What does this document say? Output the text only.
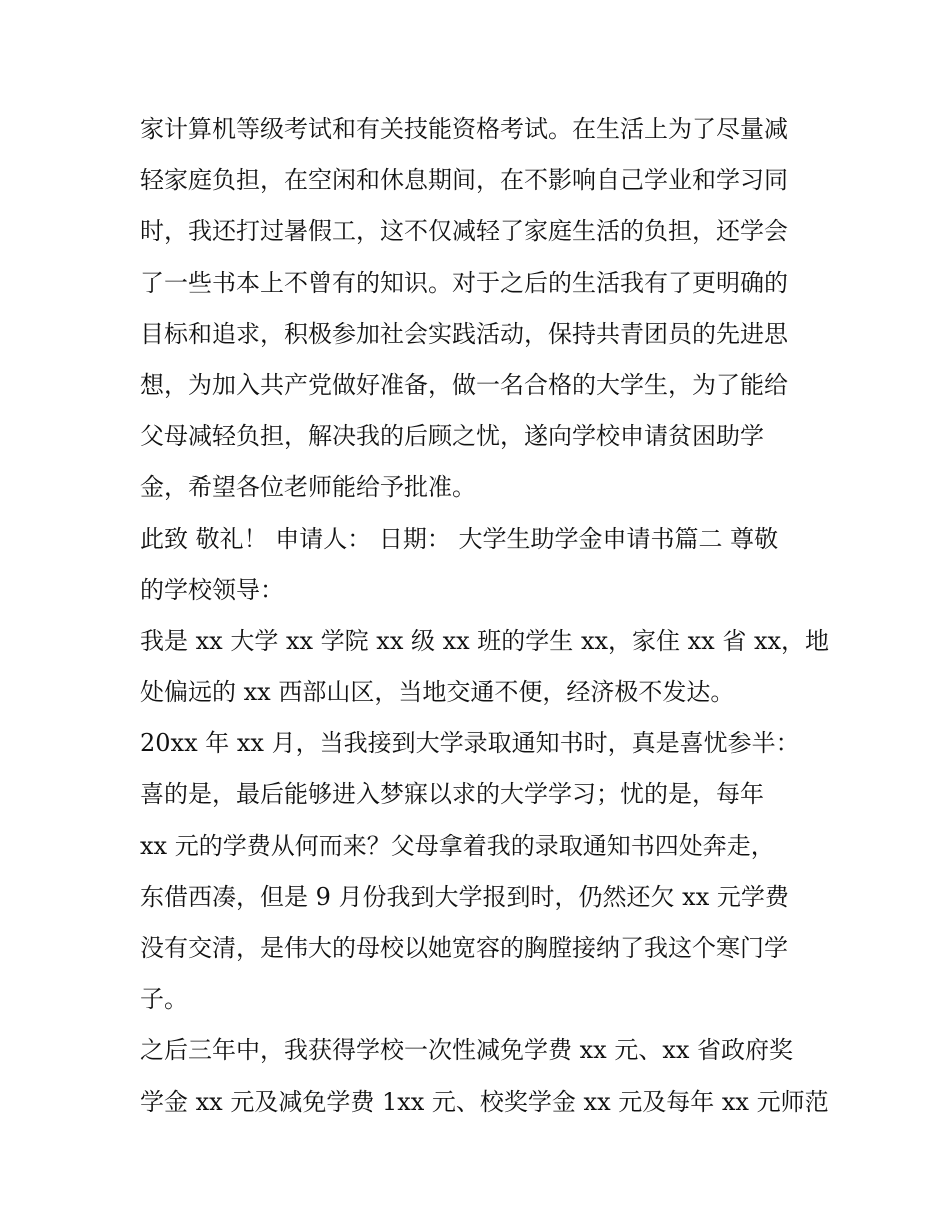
家计算机等级考试和有关技能资格考试。在生活上为了尽量减
轻家庭负担，在空闲和休息期间，在不影响自己学业和学习同
时，我还打过暑假工，这不仅减轻了家庭生活的负担，还学会
了一些书本上不曾有的知识。对于之后的生活我有了更明确的
目标和追求，积极参加社会实践活动，保持共青团员的先进思
想，为加入共产党做好准备，做一名合格的大学生，为了能给
父母减轻负担，解决我的后顾之忧，遂向学校申请贫困助学
金，希望各位老师能给予批准。
此致 敬礼！ 申请人： 日期： 大学生助学金申请书篇二 尊敬
的学校领导：
我是 xx 大学 xx 学院 xx 级 xx 班的学生 xx，家住 xx 省 xx，地
处偏远的 xx 西部山区，当地交通不便，经济极不发达。
20xx 年 xx 月，当我接到大学录取通知书时，真是喜忧参半：
喜的是，最后能够进入梦寐以求的大学学习；忧的是，每年
xx 元的学费从何而来？父母拿着我的录取通知书四处奔走，
东借西凑，但是 9 月份我到大学报到时，仍然还欠 xx 元学费
没有交清，是伟大的母校以她宽容的胸膛接纳了我这个寒门学
子。
之后三年中，我获得学校一次性减免学费 xx 元、xx 省政府奖
学金 xx 元及减免学费 1xx 元、校奖学金 xx 元及每年 xx 元师范
